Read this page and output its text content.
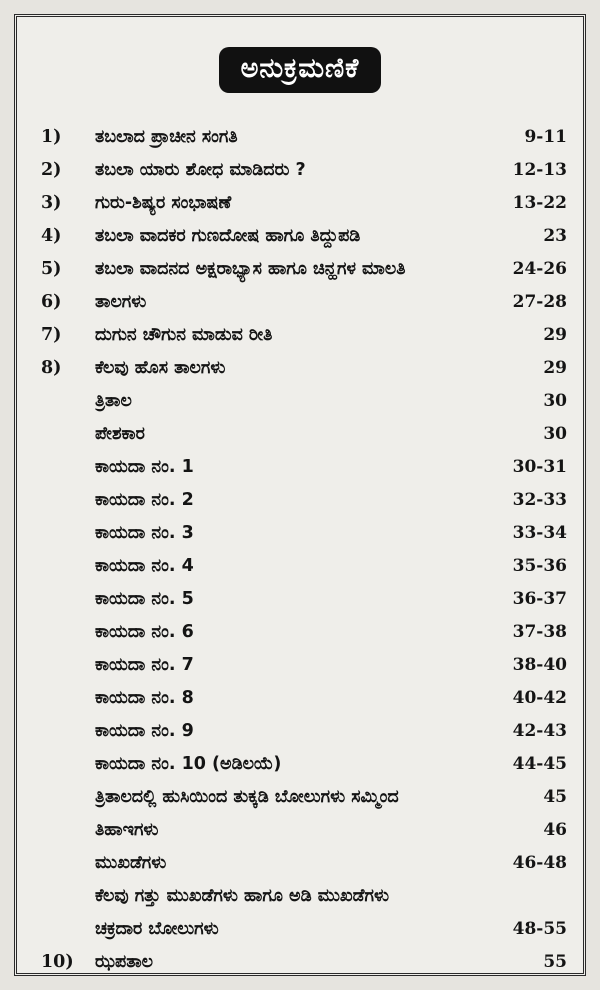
ಅನುಕ್ರಮಣಿಕೆ
1)	ತಬಲಾದ ಪ್ರಾಚೀನ ಸಂಗತಿ	9-11
2)	ತಬಲಾ ಯಾರು ಶೋಧ ಮಾಡಿದರು ?	12-13
3)	ಗುರು-ಶಿಷ್ಯರ ಸಂಭಾಷಣೆ	13-22
4)	ತಬಲಾ ವಾದಕರ ಗುಣದೋಷ ಹಾಗೂ ತಿದ್ದುಪಡಿ	23
5)	ತಬಲಾ ವಾದನದ ಅಕ್ಷರಾಭ್ಯಾಸ ಹಾಗೂ ಚಿನ್ಹಗಳ ಮಾಲತಿ	24-26
6)	ತಾಲಗಳು	27-28
7)	ದುಗುನ ಚೌಗುನ ಮಾಡುವ ರೀತಿ	29
8)	ಕೆಲವು ಹೊಸ ತಾಲಗಳು	29
ತ್ರಿತಾಲ	30
ಪೇಶಕಾರ	30
ಕಾಯದಾ ನಂ. 1	30-31
ಕಾಯದಾ ನಂ. 2	32-33
ಕಾಯದಾ ನಂ. 3	33-34
ಕಾಯದಾ ನಂ. 4	35-36
ಕಾಯದಾ ನಂ. 5	36-37
ಕಾಯದಾ ನಂ. 6	37-38
ಕಾಯದಾ ನಂ. 7	38-40
ಕಾಯದಾ ನಂ. 8	40-42
ಕಾಯದಾ ನಂ. 9	42-43
ಕಾಯದಾ ನಂ. 10 (ಅಡಿಲಯೆ)	44-45
ತ್ರಿತಾಲದಲ್ಲಿ ಹುಸಿಯಿಂದ ತುಕ್ಕಡಿ ಬೋಲುಗಳು ಸಮ್ಮಿಂದ	45
ತಿಹಾಇಗಳು	46
ಮುಖಡೆಗಳು	46-48
ಕೆಲವು ಗತ್ತು ಮುಖಡೆಗಳು ಹಾಗೂ ಅಡಿ ಮುಖಡೆಗಳು
ಚಕ್ರದಾರ ಬೋಲುಗಳು	48-55
10)	ಝಪತಾಲ	55
